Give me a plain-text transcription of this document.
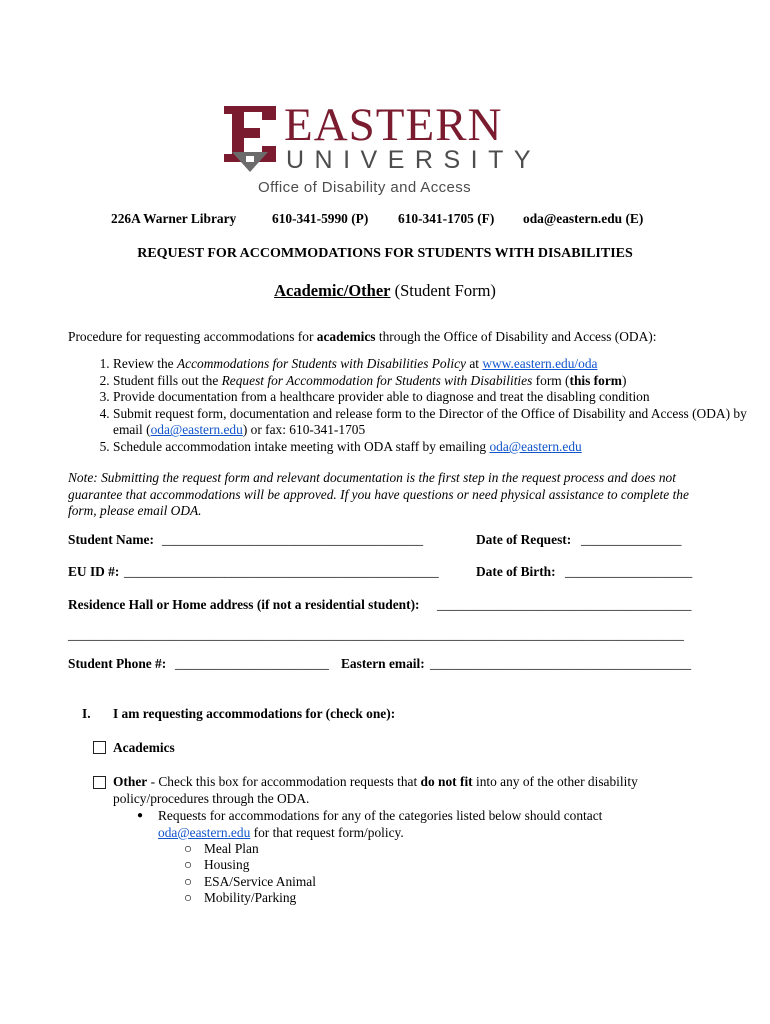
EASTERN
UNIVERSITY
Office of Disability and Access
226A Warner Library	610-341-5990 (P) 610-341-1705 (F) oda@eastern.edu (E)
REQUEST FOR ACCOMMODATIONS FOR STUDENTS WITH DISABILITIES
Academic/Other (Student Form)
Procedure for requesting accommodations for academics through the Office of Disability and Access (ODA):
1. Review the Accommodations for Students with Disabilities Policy at www.eastern.edu/oda
2. Student fills out the Request for Accommodation for Students with Disabilities form (this form)
3. Provide documentation from a healthcare provider able to diagnose and treat the disabling condition
4. Submit request form, documentation and release form to the Director of the Office of Disability and Access (ODA) by email (oda@eastern.edu) or fax: 610-341-1705
5. Schedule accommodation intake meeting with ODA staff by emailing oda@eastern.edu
Note: Submitting the request form and relevant documentation is the first step in the request process and does not guarantee that accommodations will be approved. If you have questions or need physical assistance to complete the form, please email ODA.
Student Name: _______________________________________	Date of Request: _______________
EU ID #: _______________________________________________	Date of Birth: ___________________
Residence Hall or Home address (if not a residential student): ______________________________________
____________________________________________________________________________________________
Student Phone #: _______________________ Eastern email: _______________________________________
I. I am requesting accommodations for (check one):
Academics
Other - Check this box for accommodation requests that do not fit into any of the other disability policy/procedures through the ODA.
● Requests for accommodations for any of the categories listed below should contact oda@eastern.edu for that request form/policy.
○ Meal Plan
○ Housing
○ ESA/Service Animal
○ Mobility/Parking
